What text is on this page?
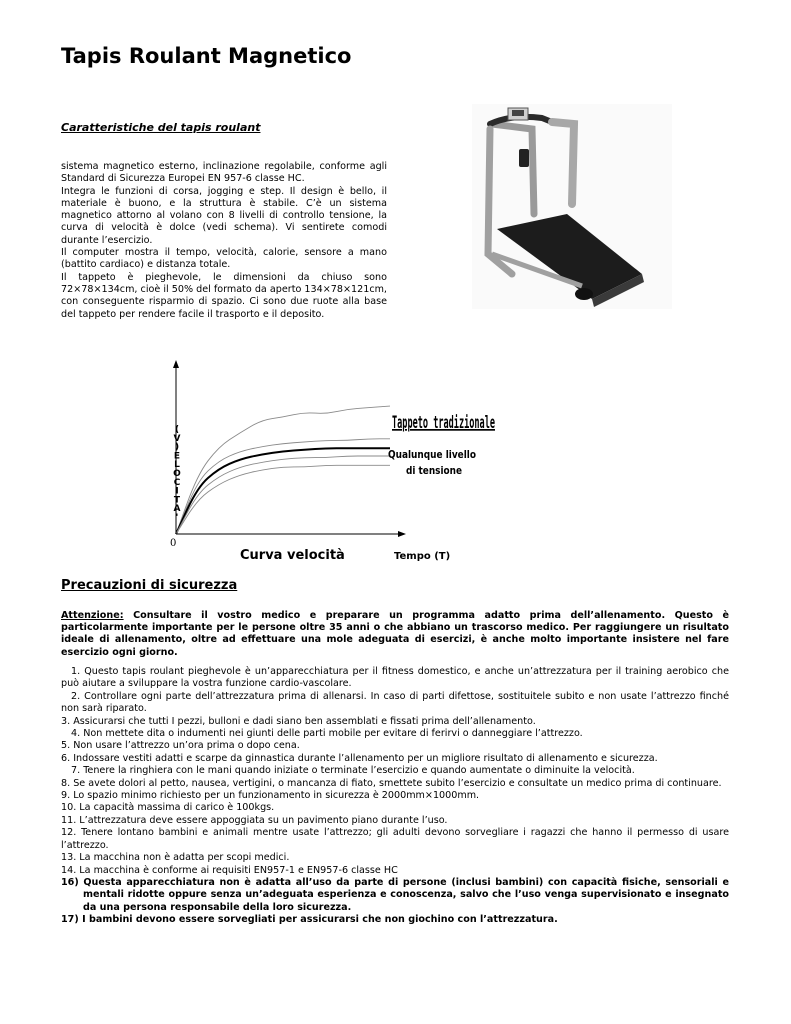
Tapis Roulant Magnetico
Caratteristiche del tapis roulant

sistema magnetico esterno, inclinazione regolabile, conforme agli Standard di Sicurezza Europei EN 957-6 classe HC.

Integra le funzioni di corsa, jogging e step. Il design è bello, il materiale è buono, e la struttura è stabile. C’è un sistema magnetico attorno al volano con 8 livelli di controllo tensione, la curva di velocità è dolce (vedi schema). Vi sentirete comodi durante l’esercizio.

Il computer mostra il tempo, velocità, calorie, sensore a mano (battito cardiaco) e distanza totale.

Il tappeto è pieghevole, le dimensioni da chiuso sono 72×78×134cm, cioè il 50% del formato da aperto 134×78×121cm, con conseguente risparmio di spazio. Ci sono due ruote alla base del tappeto per rendere facile il trasporto e il deposito.

0
( V ) E L O C I T A '
Tappeto tradizionale
Qualunque livello
di tensione
Curva velocità	Tempo (T)
Precauzioni di sicurezza
Attenzione: Consultare il vostro medico e preparare un programma adatto prima dell’allenamento. Questo è particolarmente importante per le persone oltre 35 anni o che abbiano un trascorso medico. Per raggiungere un risultato ideale di allenamento, oltre ad effettuare una mole adeguata di esercizi, è anche molto importante insistere nel fare esercizio ogni giorno.
1. Questo tapis roulant pieghevole è un’apparecchiatura per il fitness domestico, e anche un’attrezzatura per il training aerobico che può aiutare a sviluppare la vostra funzione cardio-vascolare.
2. Controllare ogni parte dell’attrezzatura prima di allenarsi. In caso di parti difettose, sostituitele subito e non usate l’attrezzo finché non sarà riparato.
3. Assicurarsi che tutti I pezzi, bulloni e dadi siano ben assemblati e fissati prima dell’allenamento.
4. Non mettete dita o indumenti nei giunti delle parti mobile per evitare di ferirvi o danneggiare l’attrezzo.
5. Non usare l’attrezzo un’ora prima o dopo cena.
6. Indossare vestiti adatti e scarpe da ginnastica durante l’allenamento per un migliore risultato di allenamento e sicurezza.
7. Tenere la ringhiera con le mani quando iniziate o terminate l’esercizio e quando aumentate o diminuite la velocità.
8. Se avete dolori al petto, nausea, vertigini, o mancanza di fiato, smettete subito l’esercizio e consultate un medico prima di continuare.
9. Lo spazio minimo richiesto per un funzionamento in sicurezza è 2000mm×1000mm.
10. La capacità massima di carico è 100kgs.
11. L’attrezzatura deve essere appoggiata su un pavimento piano durante l’uso.
12. Tenere lontano bambini e animali mentre usate l’attrezzo; gli adulti devono sorvegliare i ragazzi che hanno il permesso di usare l’attrezzo.
13. La macchina non è adatta per scopi medici.
14. La macchina è conforme ai requisiti EN957-1 e EN957-6 classe HC
16) Questa apparecchiatura non è adatta all’uso da parte di persone (inclusi bambini) con capacità fisiche, sensoriali e mentali ridotte oppure senza un’adeguata esperienza e conoscenza, salvo che l’uso venga supervisionato e insegnato da una persona responsabile della loro sicurezza.
17) I bambini devono essere sorvegliati per assicurarsi che non giochino con l’attrezzatura.
